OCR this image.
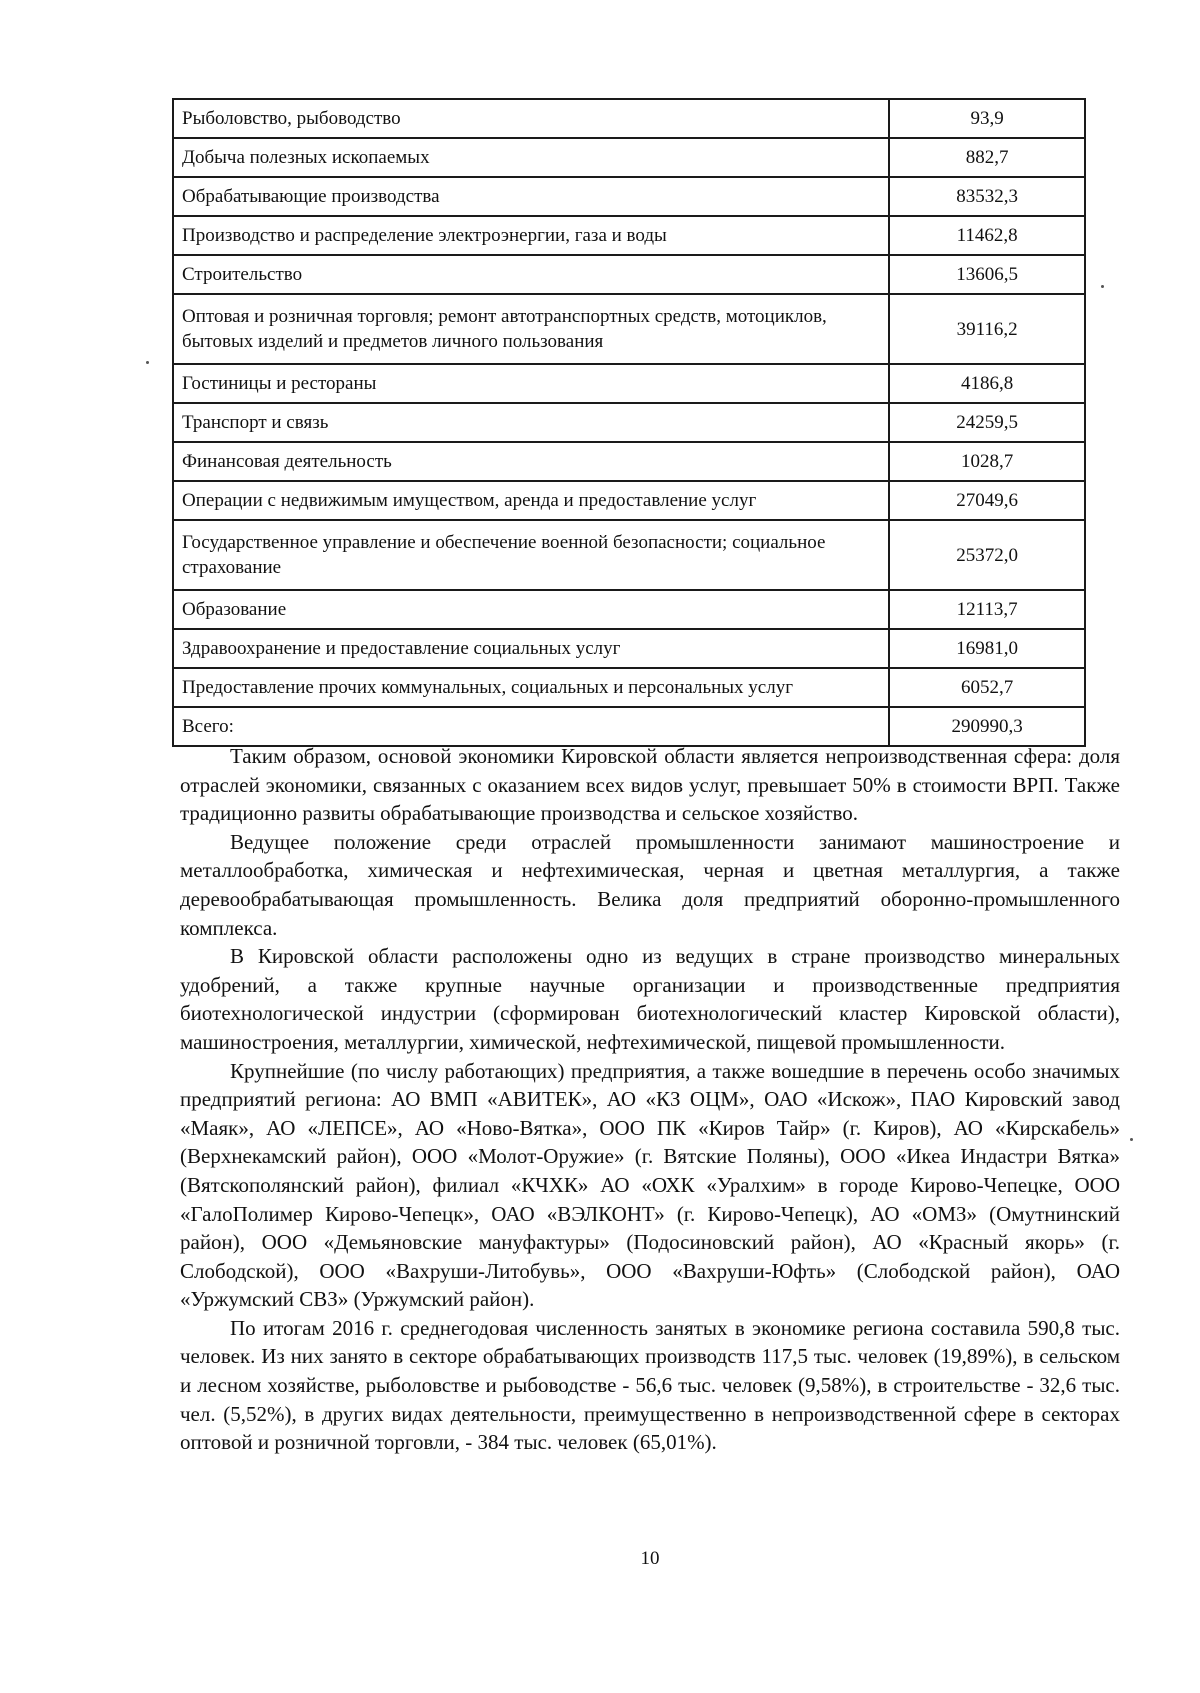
Рыболовство, рыбоводство	93,9
Добыча полезных ископаемых	882,7
Обрабатывающие производства	83532,3
Производство и распределение электроэнергии, газа и воды	11462,8
Строительство	13606,5
Оптовая и розничная торговля; ремонт автотранспортных средств, мотоциклов, бытовых изделий и предметов личного пользования	39116,2
Гостиницы и рестораны	4186,8
Транспорт и связь	24259,5
Финансовая деятельность	1028,7
Операции с недвижимым имуществом, аренда и предоставление услуг	27049,6
Государственное управление и обеспечение военной безопасности; социальное страхование	25372,0
Образование	12113,7
Здравоохранение и предоставление социальных услуг	16981,0
Предоставление прочих коммунальных, социальных и персональных услуг	6052,7
Всего:	290990,3

Таким образом, основой экономики Кировской области является непроизводственная сфера: доля отраслей экономики, связанных с оказанием всех видов услуг, превышает 50% в стоимости ВРП. Также традиционно развиты обрабатывающие производства и сельское хозяйство.

Ведущее положение среди отраслей промышленности занимают машиностроение и металлообработка, химическая и нефтехимическая, черная и цветная металлургия, а также деревообрабатывающая промышленность. Велика доля предприятий оборонно-промышленного комплекса.

В Кировской области расположены одно из ведущих в стране производство минеральных удобрений, а также крупные научные организации и производственные предприятия биотехнологической индустрии (сформирован биотехнологический кластер Кировской области), машиностроения, металлургии, химической, нефтехимической, пищевой промышленности.

Крупнейшие (по числу работающих) предприятия, а также вошедшие в перечень особо значимых предприятий региона: АО ВМП «АВИТЕК», АО «КЗ ОЦМ», ОАО «Искож», ПАО Кировский завод «Маяк», АО «ЛЕПСЕ», АО «Ново-Вятка», ООО ПК «Киров Тайр» (г. Киров), АО «Кирскабель» (Верхнекамский район), ООО «Молот-Оружие» (г. Вятские Поляны), ООО «Икеа Индастри Вятка» (Вятскополянский район), филиал «КЧХК» АО «ОХК «Уралхим» в городе Кирово-Чепецке, ООО «ГалоПолимер Кирово-Чепецк», ОАО «ВЭЛКОНТ» (г. Кирово-Чепецк), АО «ОМЗ» (Омутнинский район), ООО «Демьяновские мануфактуры» (Подосиновский район), АО «Красный якорь» (г. Слободской), ООО «Вахруши-Литобувь», ООО «Вахруши-Юфть» (Слободской район), ОАО «Уржумский СВЗ» (Уржумский район).

По итогам 2016 г. среднегодовая численность занятых в экономике региона составила 590,8 тыс. человек. Из них занято в секторе обрабатывающих производств 117,5 тыс. человек (19,89%), в сельском и лесном хозяйстве, рыболовстве и рыбоводстве - 56,6 тыс. человек (9,58%), в строительстве - 32,6 тыс. чел. (5,52%), в других видах деятельности, преимущественно в непроизводственной сфере в секторах оптовой и розничной торговли, - 384 тыс. человек (65,01%).

10
